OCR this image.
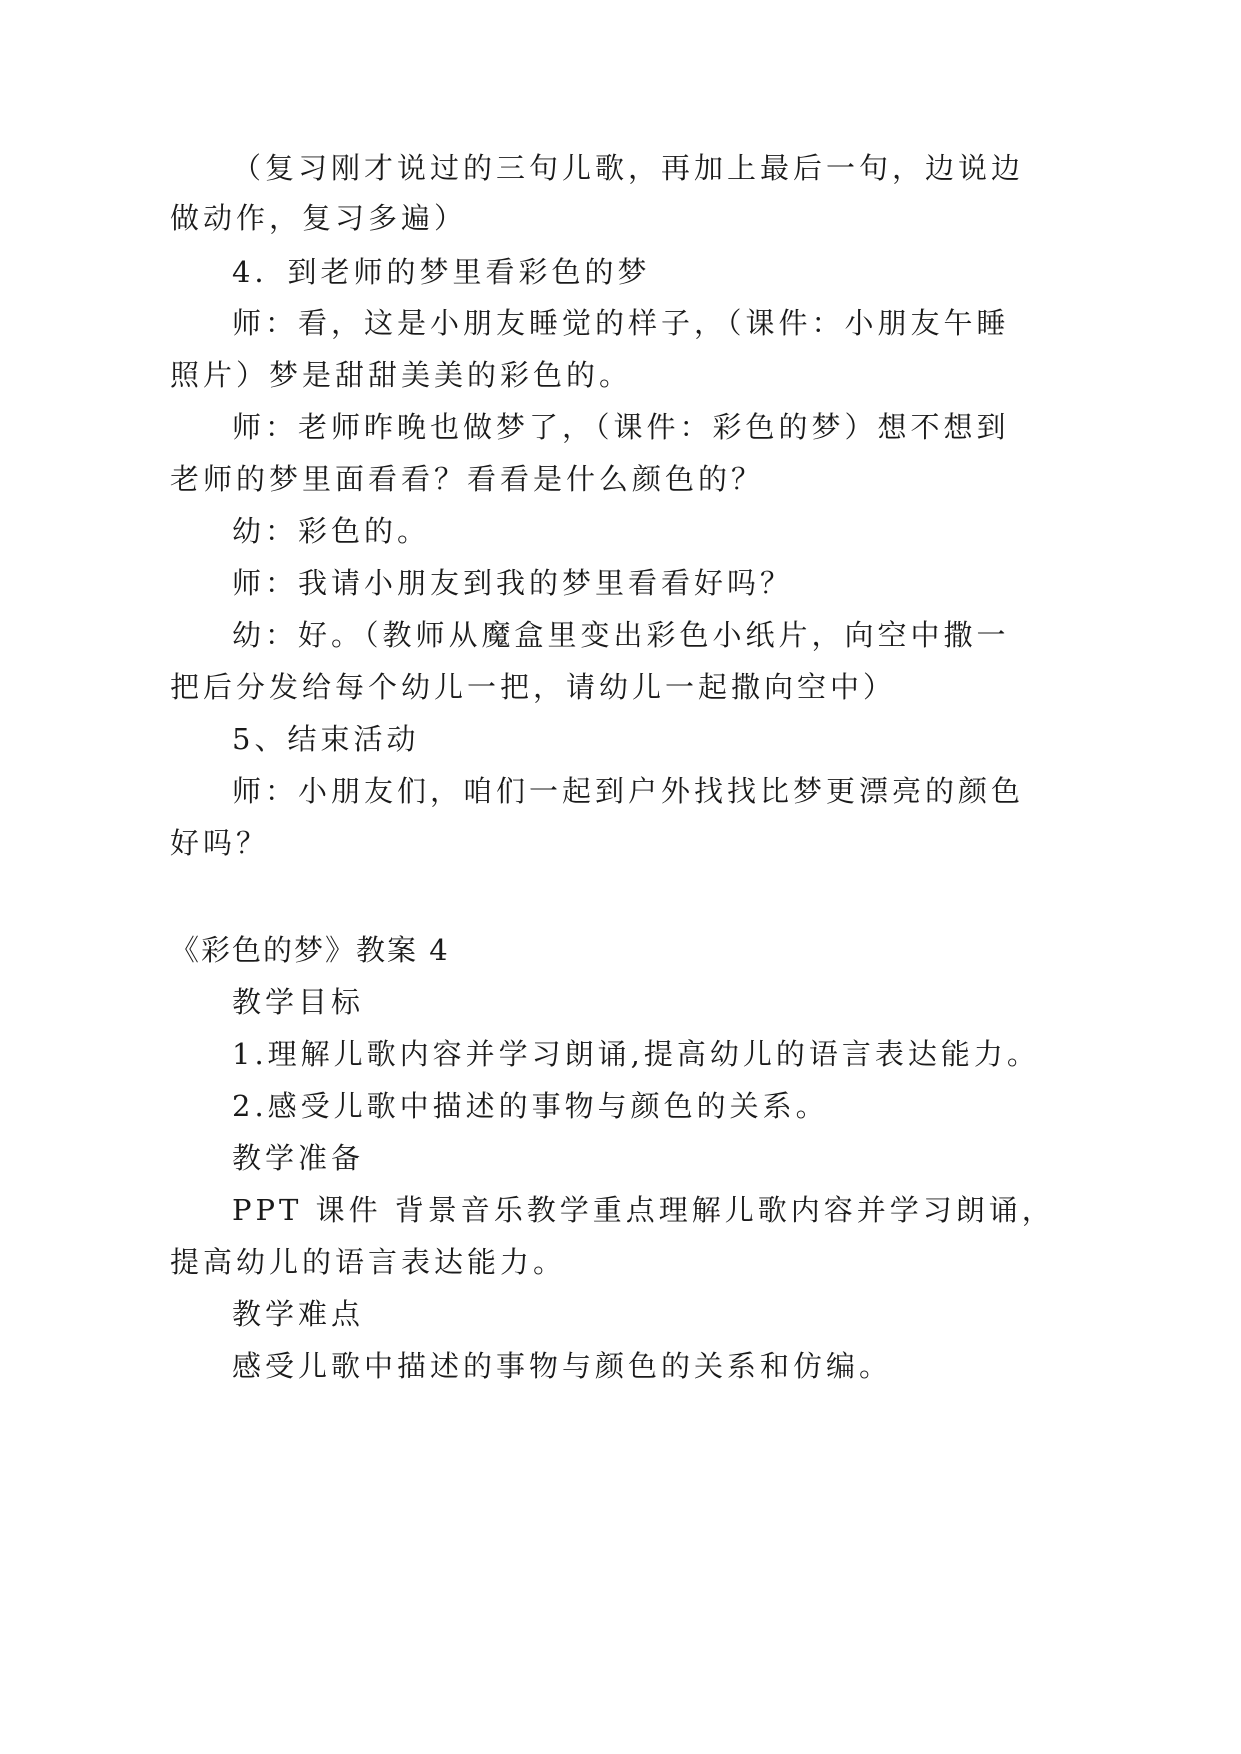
（复习刚才说过的三句儿歌，再加上最后一句，边说边
做动作，复习多遍）
4．到老师的梦里看彩色的梦
师：看，这是小朋友睡觉的样子，（课件：小朋友午睡
照片）梦是甜甜美美的彩色的。
师：老师昨晚也做梦了，（课件：彩色的梦）想不想到
老师的梦里面看看？看看是什么颜色的？
幼：彩色的。
师：我请小朋友到我的梦里看看好吗？
幼：好。（教师从魔盒里变出彩色小纸片，向空中撒一
把后分发给每个幼儿一把，请幼儿一起撒向空中）
5、结束活动
师：小朋友们，咱们一起到户外找找比梦更漂亮的颜色
好吗？
《彩色的梦》教案 4
教学目标
1.理解儿歌内容并学习朗诵,提高幼儿的语言表达能力。
2.感受儿歌中描述的事物与颜色的关系。
教学准备
PPT 课件 背景音乐教学重点理解儿歌内容并学习朗诵，
提高幼儿的语言表达能力。
教学难点
感受儿歌中描述的事物与颜色的关系和仿编。
